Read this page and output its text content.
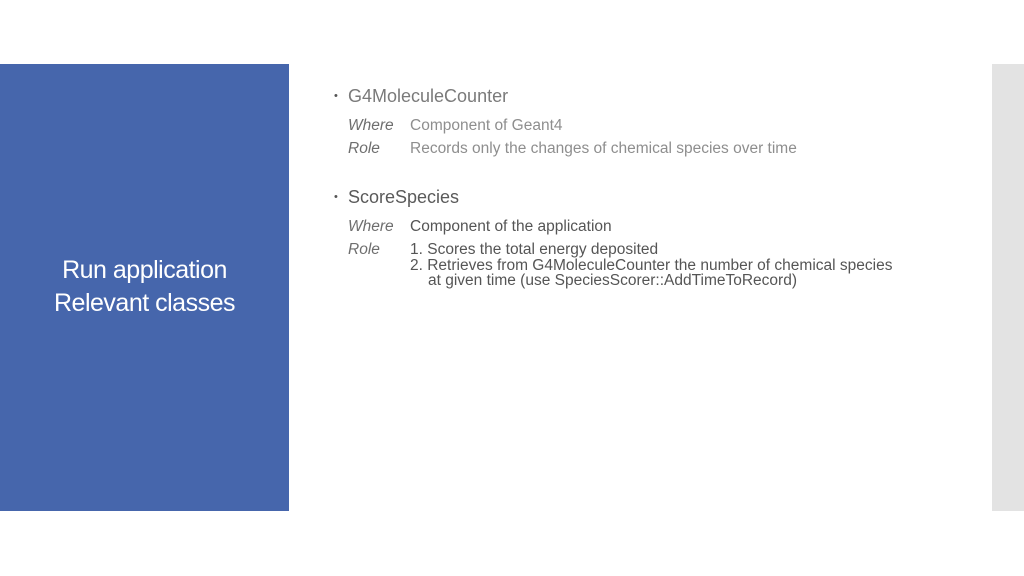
Run application
Relevant classes
• G4MoleculeCounter
Where	Component of Geant4
Role	Records only the changes of chemical species over time
• ScoreSpecies
Where	Component of the application
Role	1. Scores the total energy deposited
2. Retrieves from G4MoleculeCounter the number of chemical species
at given time (use SpeciesScorer::AddTimeToRecord)
